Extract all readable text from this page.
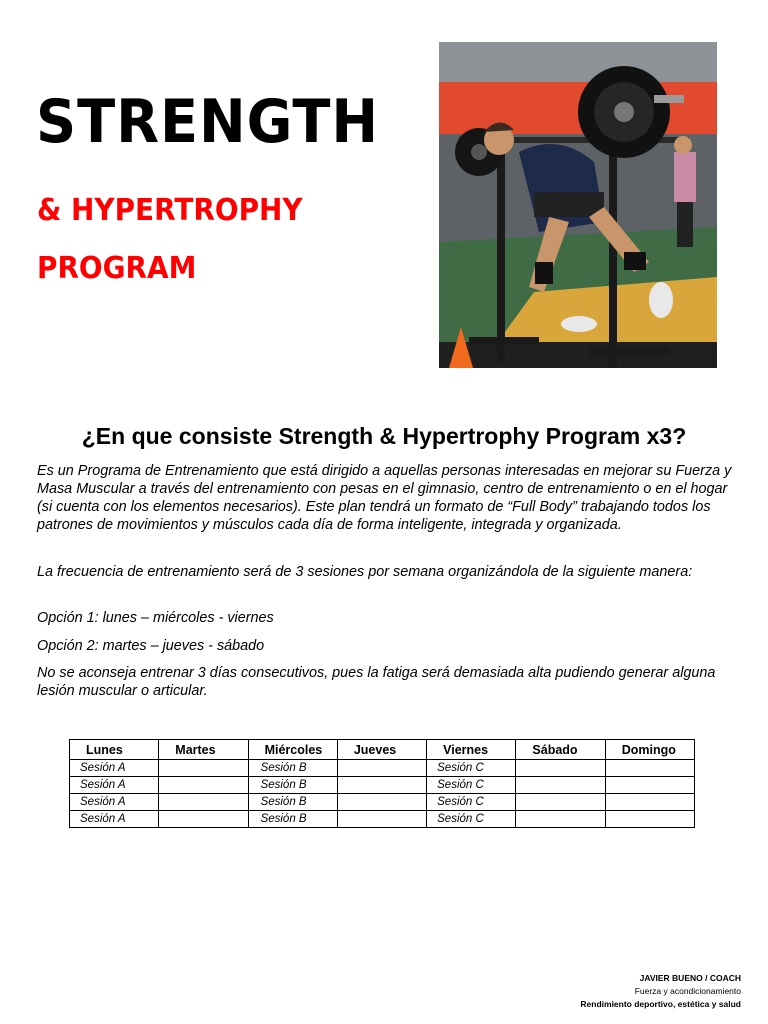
STRENGTH
& HYPERTROPHY
PROGRAM
¿En que consiste Strength & Hypertrophy Program x3?

Es un Programa de Entrenamiento que está dirigido a aquellas personas interesadas en mejorar su Fuerza y Masa Muscular a través del entrenamiento con pesas en el gimnasio, centro de entrenamiento o en el hogar (si cuenta con los elementos necesarios). Este plan tendrá un formato de “Full Body” trabajando todos los patrones de movimientos y músculos cada día de forma inteligente, integrada y organizada.

La frecuencia de entrenamiento será de 3 sesiones por semana organizándola de la siguiente manera:

Opción 1: lunes – miércoles - viernes

Opción 2: martes – jueves - sábado

No se aconseja entrenar 3 días consecutivos, pues la fatiga será demasiada alta pudiendo generar alguna lesión muscular o articular.

Lunes	Martes	Miércoles	Jueves	Viernes	Sábado	Domingo
Sesión A		Sesión B		Sesión C		
Sesión A		Sesión B		Sesión C		
Sesión A		Sesión B		Sesión C		
Sesión A		Sesión B		Sesión C		
JAVIER BUENO / COACH
Fuerza y acondicionamiento
Rendimiento deportivo, estética y salud
